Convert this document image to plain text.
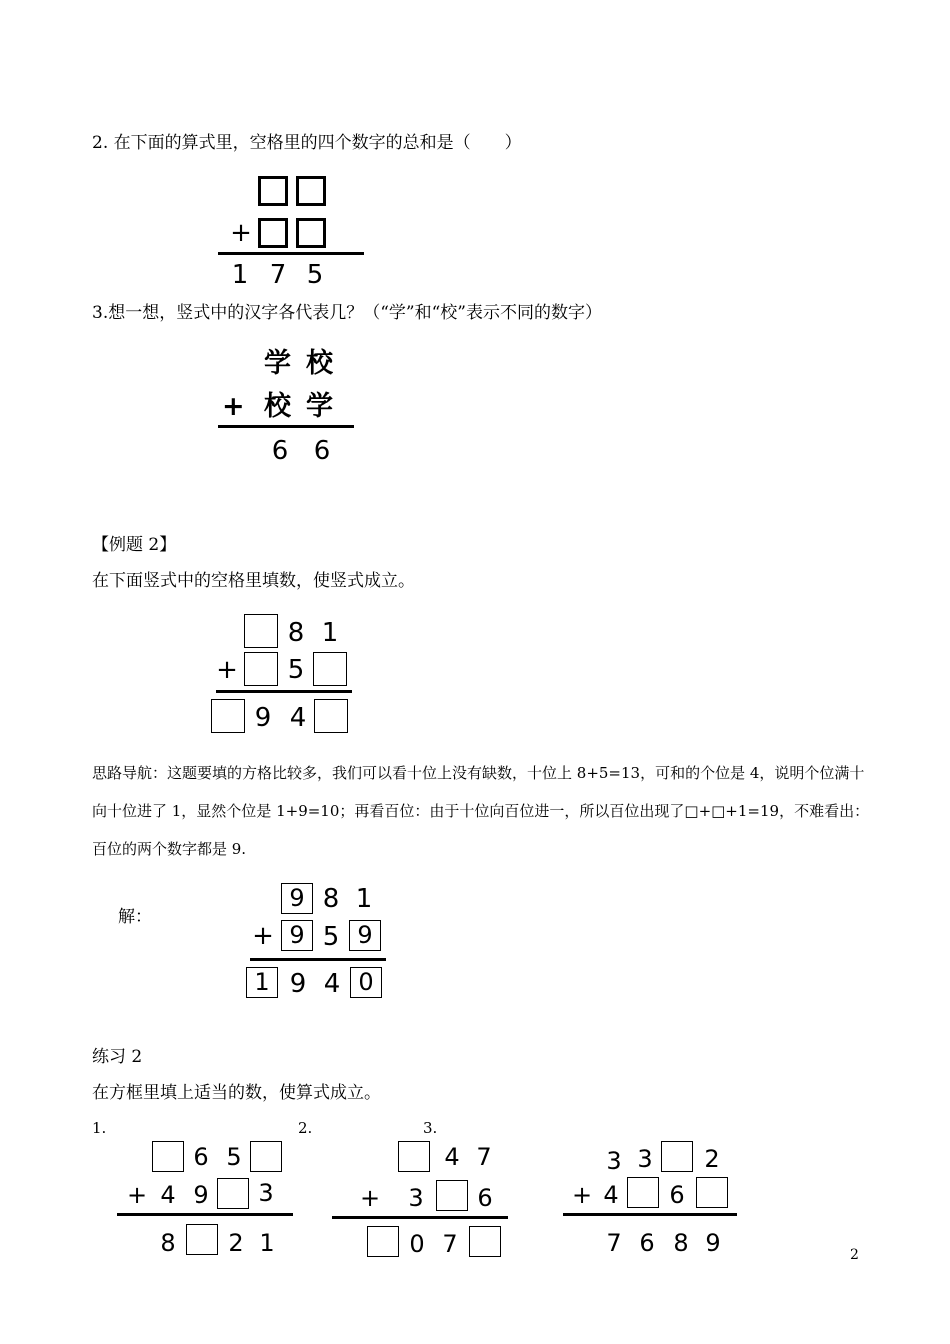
2. 在下面的算式里，空格里的四个数字的总和是（　　）
+
1 7 5
3.想一想，竖式中的汉字各代表几？（“学”和“校”表示不同的数字）
学 校
+ 校 学
6 6
【例题 2】
在下面竖式中的空格里填数，使竖式成立。
8 1
+ 5
9 4
思路导航：这题要填的方格比较多，我们可以看十位上没有缺数，十位上 8+5=13，可和的个位是 4，说明个位满十向十位进了 1，显然个位是 1+9=10；再看百位：由于十位向百位进一，所以百位出现了□+□+1=19，不难看出：百位的两个数字都是 9.
解：
9 8 1
+ 9 5 9
1 9 4 0
练习 2
在方框里填上适当的数，使算式成立。
1.
6 5
+ 4 9 3
8 2 1
2.
4 7
+ 3 6
0 7
3.
3 3 2
+ 4 6
7 6 8 9	2
